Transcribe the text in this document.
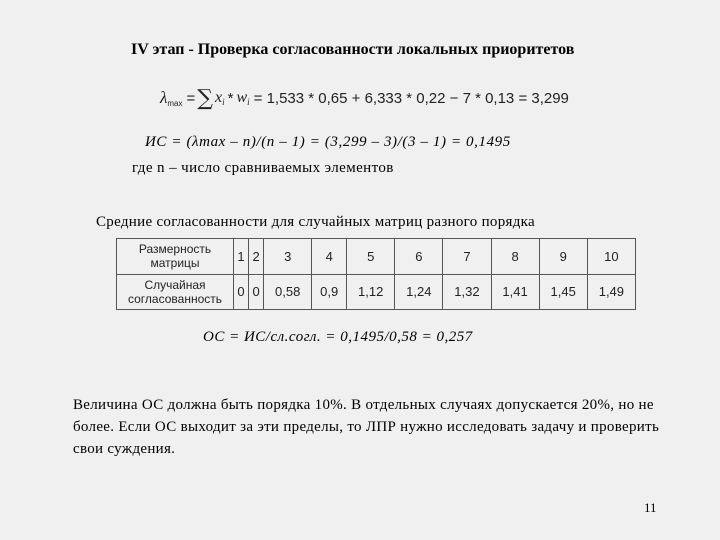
IV этап - Проверка согласованности локальных приоритетов
λ max = ∑ x i * w i = 1,533 * 0,65 + 6,333 * 0,22 − 7 * 0,13 = 3,299
ИС = (λmax – n)/(n – 1) = (3,299 – 3)/(3 – 1) = 0,1495
где n – число сравниваемых элементов
Средние согласованности для случайных матриц разного порядка
Размерность
матрицы	1	2	3	4	5	6	7	8	9	10
Случайная
согласованность	0	0	0,58	0,9	1,12	1,24	1,32	1,41	1,45	1,49
ОС = ИС/сл.согл. = 0,1495/0,58 = 0,257
Величина ОС должна быть порядка 10%. В отдельных случаях допускается 20%, но не более. Если ОС выходит за эти пределы, то ЛПР нужно исследовать задачу и проверить свои суждения.
11
